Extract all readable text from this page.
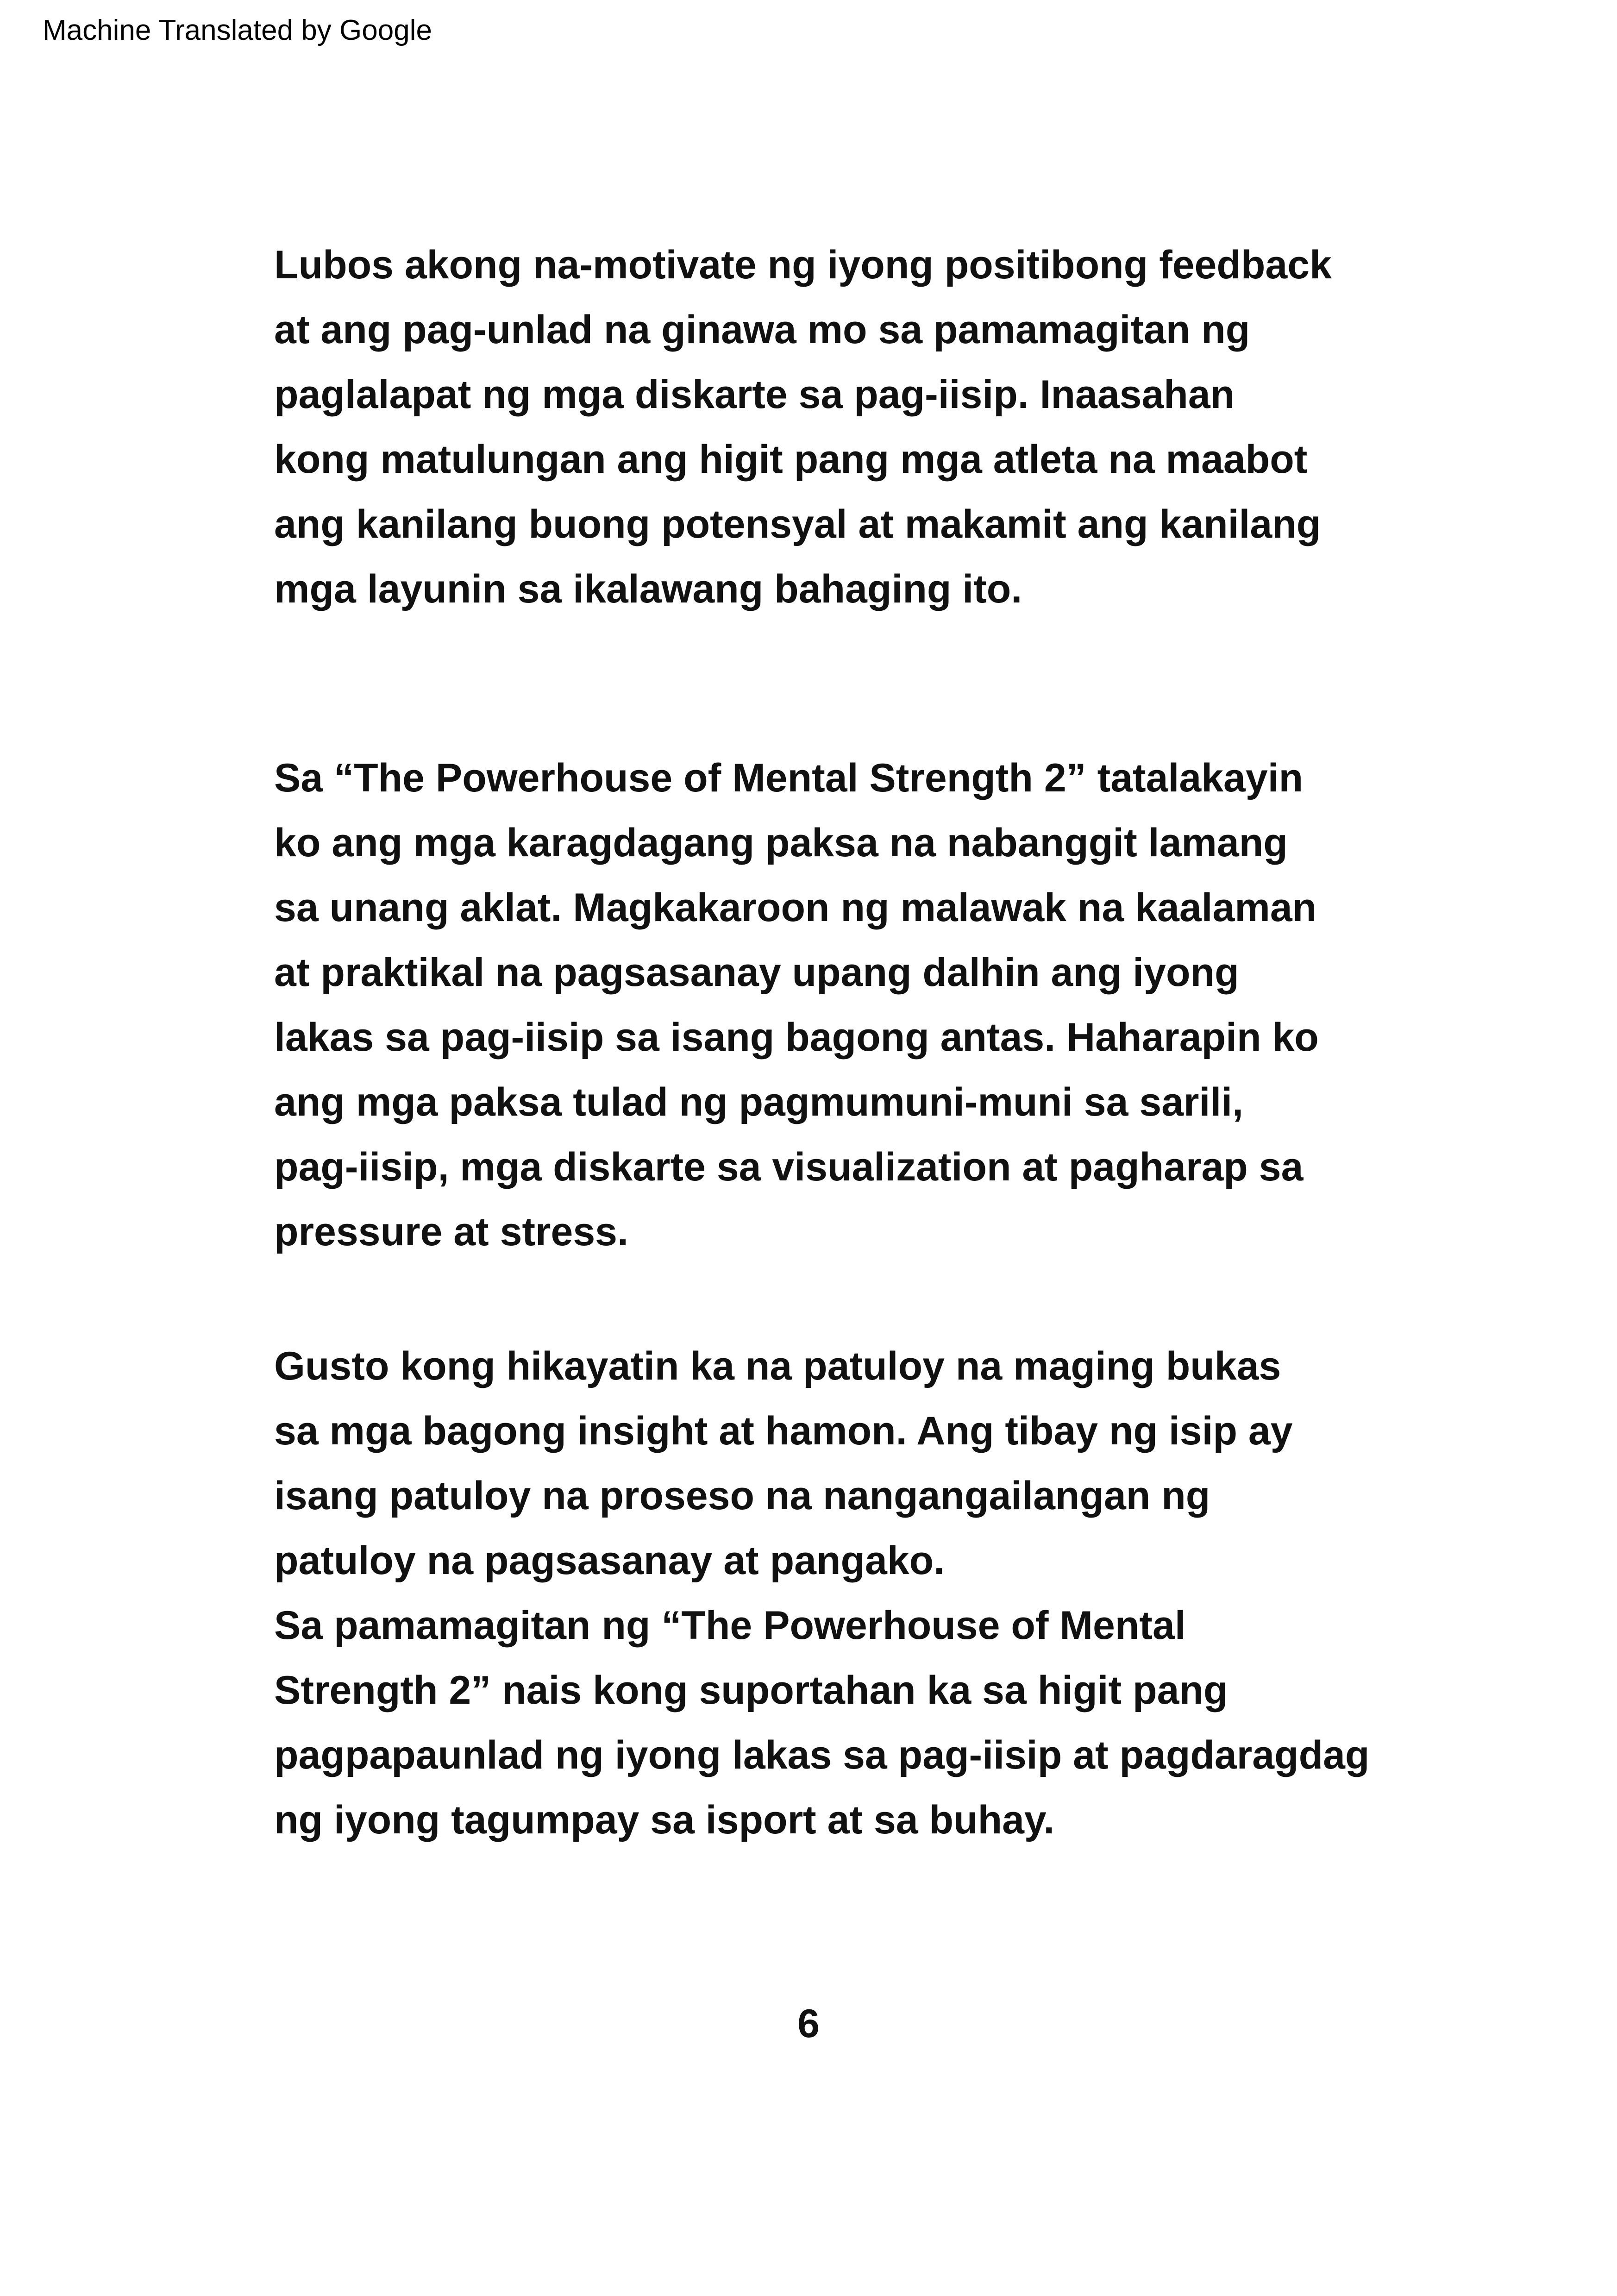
Machine Translated by Google
Lubos akong na-motivate ng iyong positibong feedback
at ang pag-unlad na ginawa mo sa pamamagitan ng
paglalapat ng mga diskarte sa pag-iisip. Inaasahan
kong matulungan ang higit pang mga atleta na maabot
ang kanilang buong potensyal at makamit ang kanilang
mga layunin sa ikalawang bahaging ito.
Sa “The Powerhouse of Mental Strength 2” tatalakayin
ko ang mga karagdagang paksa na nabanggit lamang
sa unang aklat. Magkakaroon ng malawak na kaalaman
at praktikal na pagsasanay upang dalhin ang iyong
lakas sa pag-iisip sa isang bagong antas. Haharapin ko
ang mga paksa tulad ng pagmumuni-muni sa sarili,
pag-iisip, mga diskarte sa visualization at pagharap sa
pressure at stress.
Gusto kong hikayatin ka na patuloy na maging bukas
sa mga bagong insight at hamon. Ang tibay ng isip ay
isang patuloy na proseso na nangangailangan ng
patuloy na pagsasanay at pangako.
Sa pamamagitan ng “The Powerhouse of Mental
Strength 2” nais kong suportahan ka sa higit pang
pagpapaunlad ng iyong lakas sa pag-iisip at pagdaragdag
ng iyong tagumpay sa isport at sa buhay.
6
